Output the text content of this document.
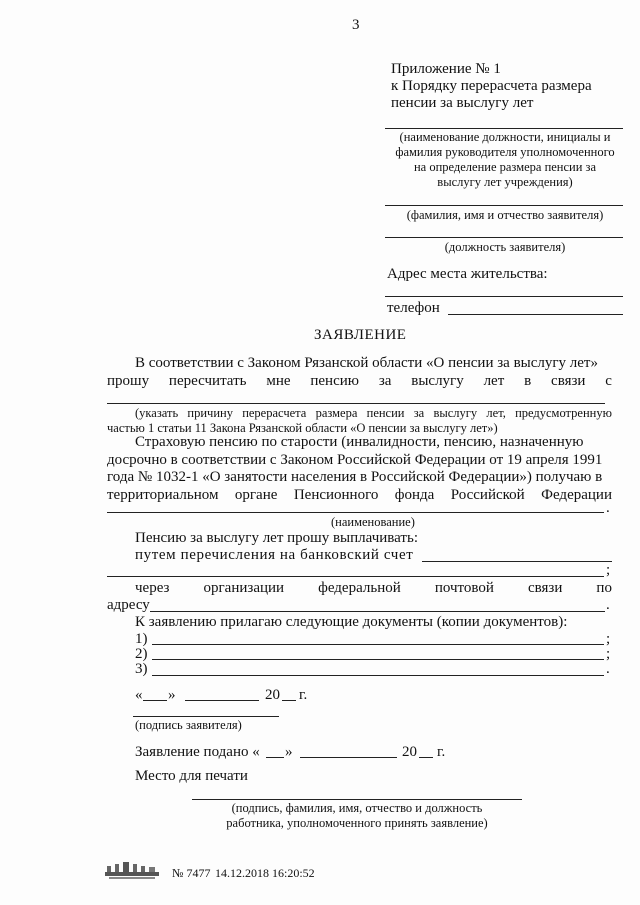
3
Приложение № 1
к Порядку перерасчета размера
пенсии за выслугу лет
(наименование должности, инициалы и
фамилия руководителя уполномоченного
на определение размера пенсии за
выслугу лет учреждения)
(фамилия, имя и отчество заявителя)
(должность заявителя)
Адрес места жительства:
телефон
ЗАЯВЛЕНИЕ
В соответствии с Законом Рязанской области «О пенсии за выслугу лет»
прошу пересчитать мне пенсию за выслугу лет в связи с
(указать причину перерасчета размера пенсии за выслугу лет, предусмотренную
частью 1 статьи 11 Закона Рязанской области «О пенсии за выслугу лет»)
Страховую пенсию по старости (инвалидности, пенсию, назначенную
досрочно в соответствии с Законом Российской Федерации от 19 апреля 1991
года № 1032-1 «О занятости населения в Российской Федерации») получаю в
территориальном органе Пенсионного фонда Российской Федерации
.
(наименование)
Пенсию за выслугу лет прошу выплачивать:
путем перечисления на банковский счет
;
через организации федеральной почтовой связи по
адресу	.
К заявлению прилагаю следующие документы (копии документов):
1)	;
2)	;
3)	.
« »	20 г.
(подпись заявителя)
Заявление подано « »	20 г.
Место для печати
(подпись, фамилия, имя, отчество и должность
работника, уполномоченного принять заявление)
№ 7477 14.12.2018 16:20:52
